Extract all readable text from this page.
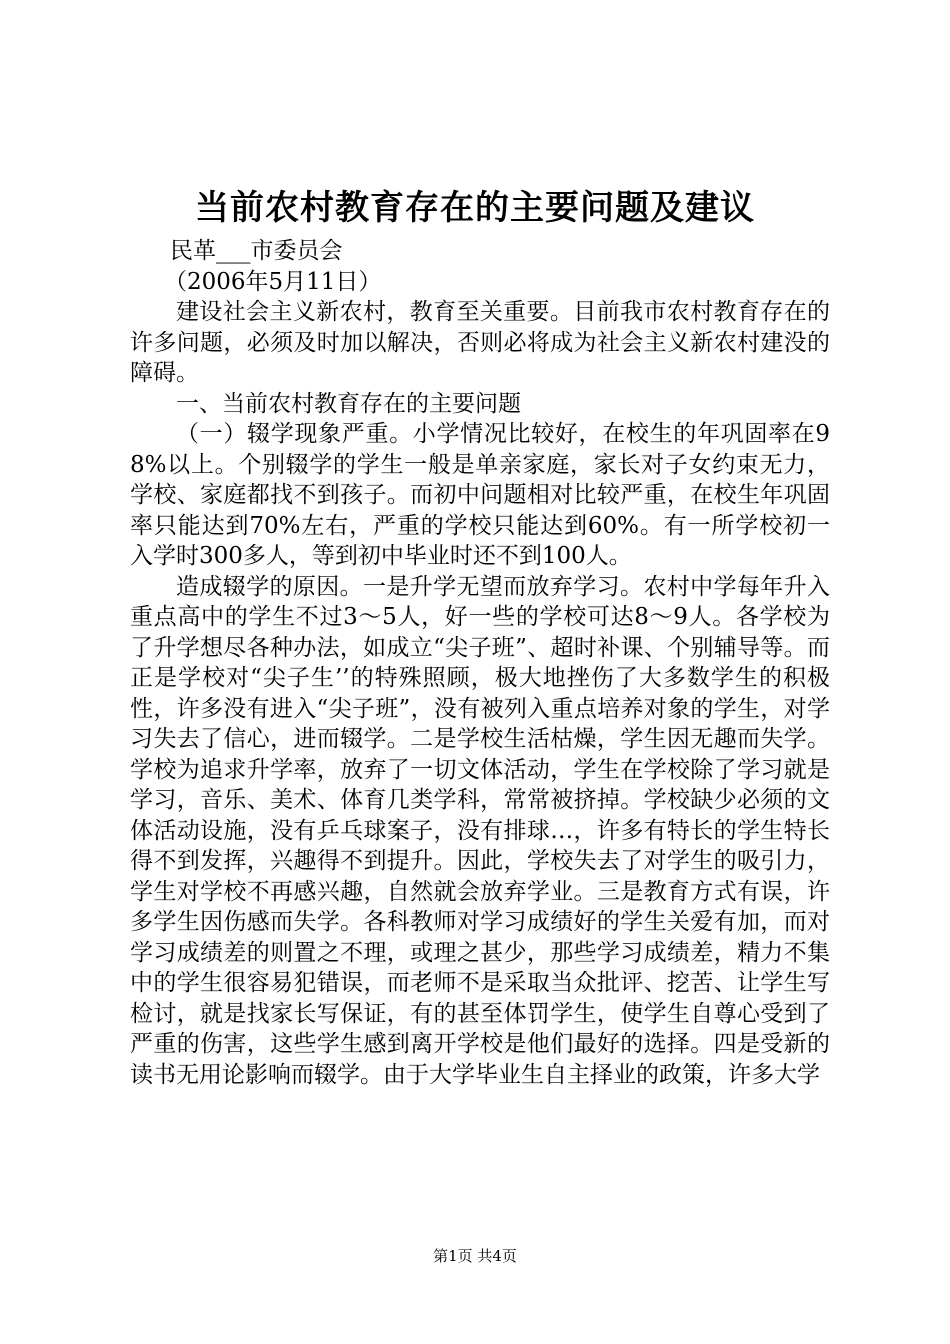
当前农村教育存在的主要问题及建议

民革___市委员会

（2006年5月11日）

建设社会主义新农村，教育至关重要。目前我市农村教育存在的许多问题，必须及时加以解决，否则必将成为社会主义新农村建没的障碍。

一、当前农村教育存在的主要问题

（一）辍学现象严重。小学情况比较好，在校生的年巩固率在98%以上。个别辍学的学生一般是单亲家庭，家长对子女约束无力，学校、家庭都找不到孩子。而初中问题相对比较严重，在校生年巩固率只能达到70%左右，严重的学校只能达到60%。有一所学校初一入学时300多人，等到初中毕业时还不到100人。

造成辍学的原因。一是升学无望而放弃学习。农村中学每年升入重点高中的学生不过3～5人，好一些的学校可达8～9人。各学校为了升学想尽各种办法，如成立“尖子班”、超时补课、个别辅导等。而正是学校对“尖子生’’的特殊照顾，极大地挫伤了大多数学生的积极性，许多没有进入“尖子班”，没有被列入重点培养对象的学生，对学习失去了信心，进而辍学。二是学校生活枯燥，学生因无趣而失学。学校为追求升学率，放弃了一切文体活动，学生在学校除了学习就是学习，音乐、美术、体育几类学科，常常被挤掉。学校缺少必须的文体活动设施，没有乒乓球案子，没有排球…，许多有特长的学生特长得不到发挥，兴趣得不到提升。因此，学校失去了对学生的吸引力，学生对学校不再感兴趣，自然就会放弃学业。三是教育方式有误，许多学生因伤感而失学。各科教师对学习成绩好的学生关爱有加，而对学习成绩差的则置之不理，或理之甚少，那些学习成绩差，精力不集中的学生很容易犯错误，而老师不是采取当众批评、挖苦、让学生写检讨，就是找家长写保证，有的甚至体罚学生，使学生自尊心受到了严重的伤害，这些学生感到离开学校是他们最好的选择。四是受新的读书无用论影响而辍学。由于大学毕业生自主择业的政策，许多大学

第1页 共4页
